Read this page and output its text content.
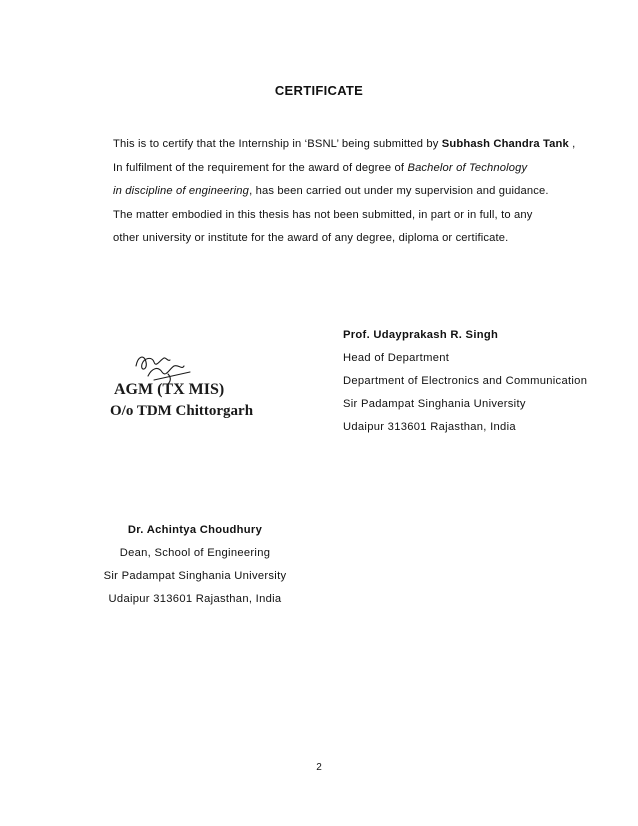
CERTIFICATE
This is to certify that the Internship in ‘BSNL’ being submitted by Subhash Chandra Tank ,
In fulfilment of the requirement for the award of degree of Bachelor of Technology
in discipline of engineering, has been carried out under my supervision and guidance.
The matter embodied in this thesis has not been submitted, in part or in full, to any
other university or institute for the award of any degree, diploma or certificate.
AGM (TX MIS)
O/o TDM Chittorgarh
Prof. Udayprakash R. Singh
Head of Department
Department of Electronics and Communication
Sir Padampat Singhania University
Udaipur 313601 Rajasthan, India
Dr. Achintya Choudhury
Dean, School of Engineering
Sir Padampat Singhania University
Udaipur 313601 Rajasthan, India
2
